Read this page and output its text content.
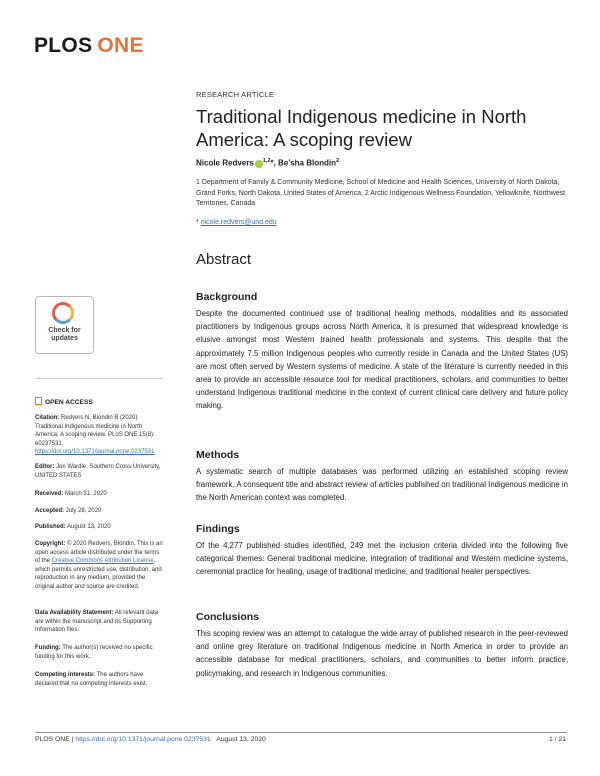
PLOS ONE
RESEARCH ARTICLE
Traditional Indigenous medicine in North America: A scoping review
Nicole Redvers $^{1,2}$*, Be’sha Blondin$^2$
1 Department of Family & Community Medicine, School of Medicine and Health Sciences, University of North Dakota, Grand Forks, North Dakota, United States of America, 2 Arctic Indigenous Wellness Foundation, Yellowknife, Northwest Territories, Canada
* nicole.redvers@und.edu
Abstract
Background
Despite the documented continued use of traditional healing methods, modalities and its associated practitioners by Indigenous groups across North America, it is presumed that widespread knowledge is elusive amongst most Western trained health professionals and systems. This despite that the approximately 7.5 million Indigenous peoples who currently reside in Canada and the United States (US) are most often served by Western systems of medicine. A state of the literature is currently needed in this area to provide an accessible resource tool for medical practitioners, scholars, and communities to better understand Indigenous traditional medicine in the context of current clinical care delivery and future policy making.
Methods
A systematic search of multiple databases was performed utilizing an established scoping review framework. A consequent title and abstract review of articles published on traditional Indigenous medicine in the North American context was completed.
Findings
Of the 4,277 published studies identified, 249 met the inclusion criteria divided into the following five categorical themes: General traditional medicine, integration of traditional and Western medicine systems, ceremonial practice for healing, usage of traditional medicine, and traditional healer perspectives.
Conclusions
This scoping review was an attempt to catalogue the wide array of published research in the peer-reviewed and online grey literature on traditional Indigenous medicine in North America in order to provide an accessible database for medical practitioners, scholars, and communities to better inform practice, policymaking, and research in Indigenous communities.
Check for
updates
OPEN ACCESS
Citation: Redvers N, Blondin B (2020) Traditional Indigenous medicine in North America: A scoping review. PLoS ONE 15(8): e0237531. https://doi.org/10.1371/journal.pone.0237531
Editor: Jon Wardle, Southern Cross University, UNITED STATES
Received: March 31, 2020
Accepted: July 28, 2020
Published: August 13, 2020
Copyright: © 2020 Redvers, Blondin. This is an open access article distributed under the terms of the Creative Commons Attribution License, which permits unrestricted use, distribution, and reproduction in any medium, provided the original author and source are credited.
Data Availability Statement: All relevant data are within the manuscript and its Supporting Information files.
Funding: The author(s) received no specific funding for this work.
Competing interests: The authors have declared that no competing interests exist.
PLOS ONE | https://doi.org/10.1371/journal.pone.0237531 August 13, 2020	1 / 21
